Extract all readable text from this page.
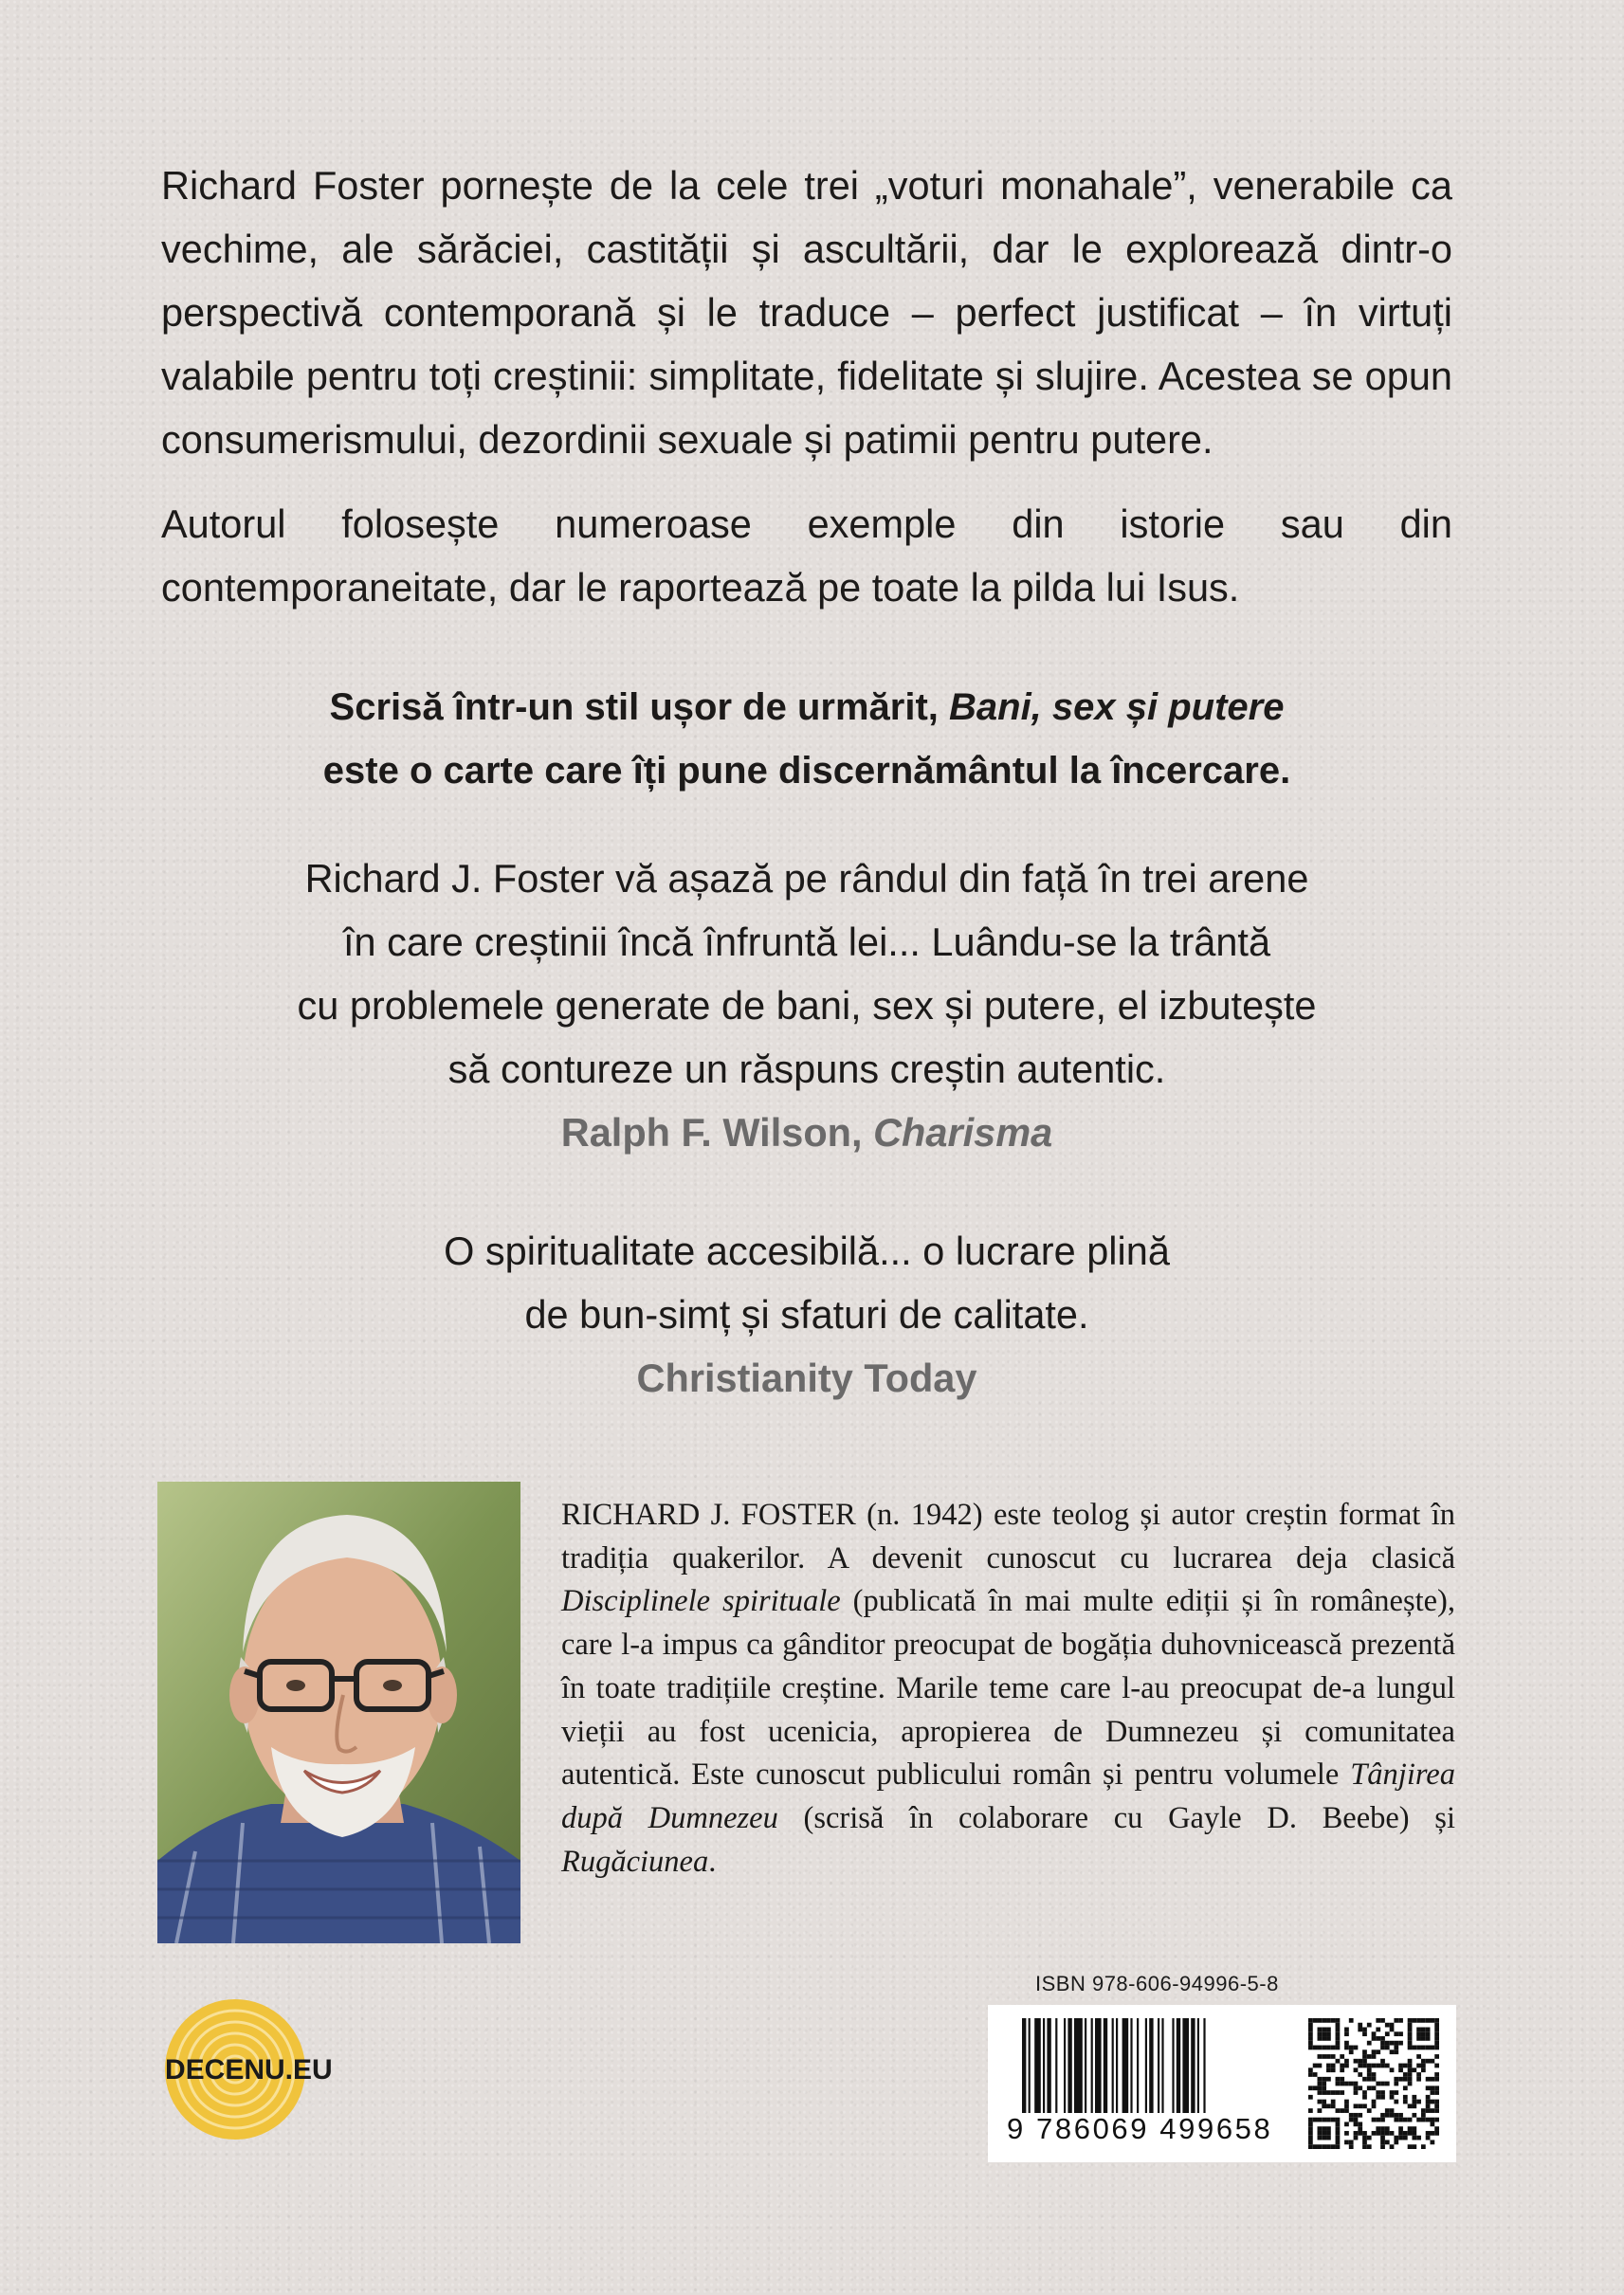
Richard Foster pornește de la cele trei „voturi monahale”, venerabile ca vechime, ale sărăciei, castității și ascultării, dar le explorează dintr-o perspectivă contemporană și le traduce – perfect justificat – în virtuți valabile pentru toți creștinii: simplitate, fidelitate și slujire. Acestea se opun consumerismului, dezordinii sexuale și patimii pentru putere.

Autorul folosește numeroase exemple din istorie sau din contemporaneitate, dar le raportează pe toate la pilda lui Isus.

Scrisă într-un stil ușor de urmărit, Bani, sex și putere
este o carte care îți pune discernământul la încercare.
Richard J. Foster vă așază pe rândul din față în trei arene
în care creștinii încă înfruntă lei... Luându-se la trântă
cu problemele generate de bani, sex și putere, el izbutește
să contureze un răspuns creștin autentic.
Ralph F. Wilson, Charisma
O spiritualitate accesibilă... o lucrare plină
de bun-simț și sfaturi de calitate.
Christianity Today
RICHARD J. FOSTER (n. 1942) este teolog și autor creștin format în tradiția quakerilor. A devenit cunoscut cu lucrarea deja clasică Disciplinele spirituale (publicată în mai multe ediții și în românește), care l-a impus ca gânditor preocupat de bogăția duhovnicească prezentă în toate tradițiile creștine. Marile teme care l-au preocupat de-a lungul vieții au fost ucenicia, apropierea de Dumnezeu și comunitatea autentică. Este cunoscut publicului român și pentru volumele Tânjirea după Dumnezeu (scrisă în colaborare cu Gayle D. Beebe) și Rugăciunea.
DECENU.EU
ISBN 978-606-94996-5-8
9 786069 499658
